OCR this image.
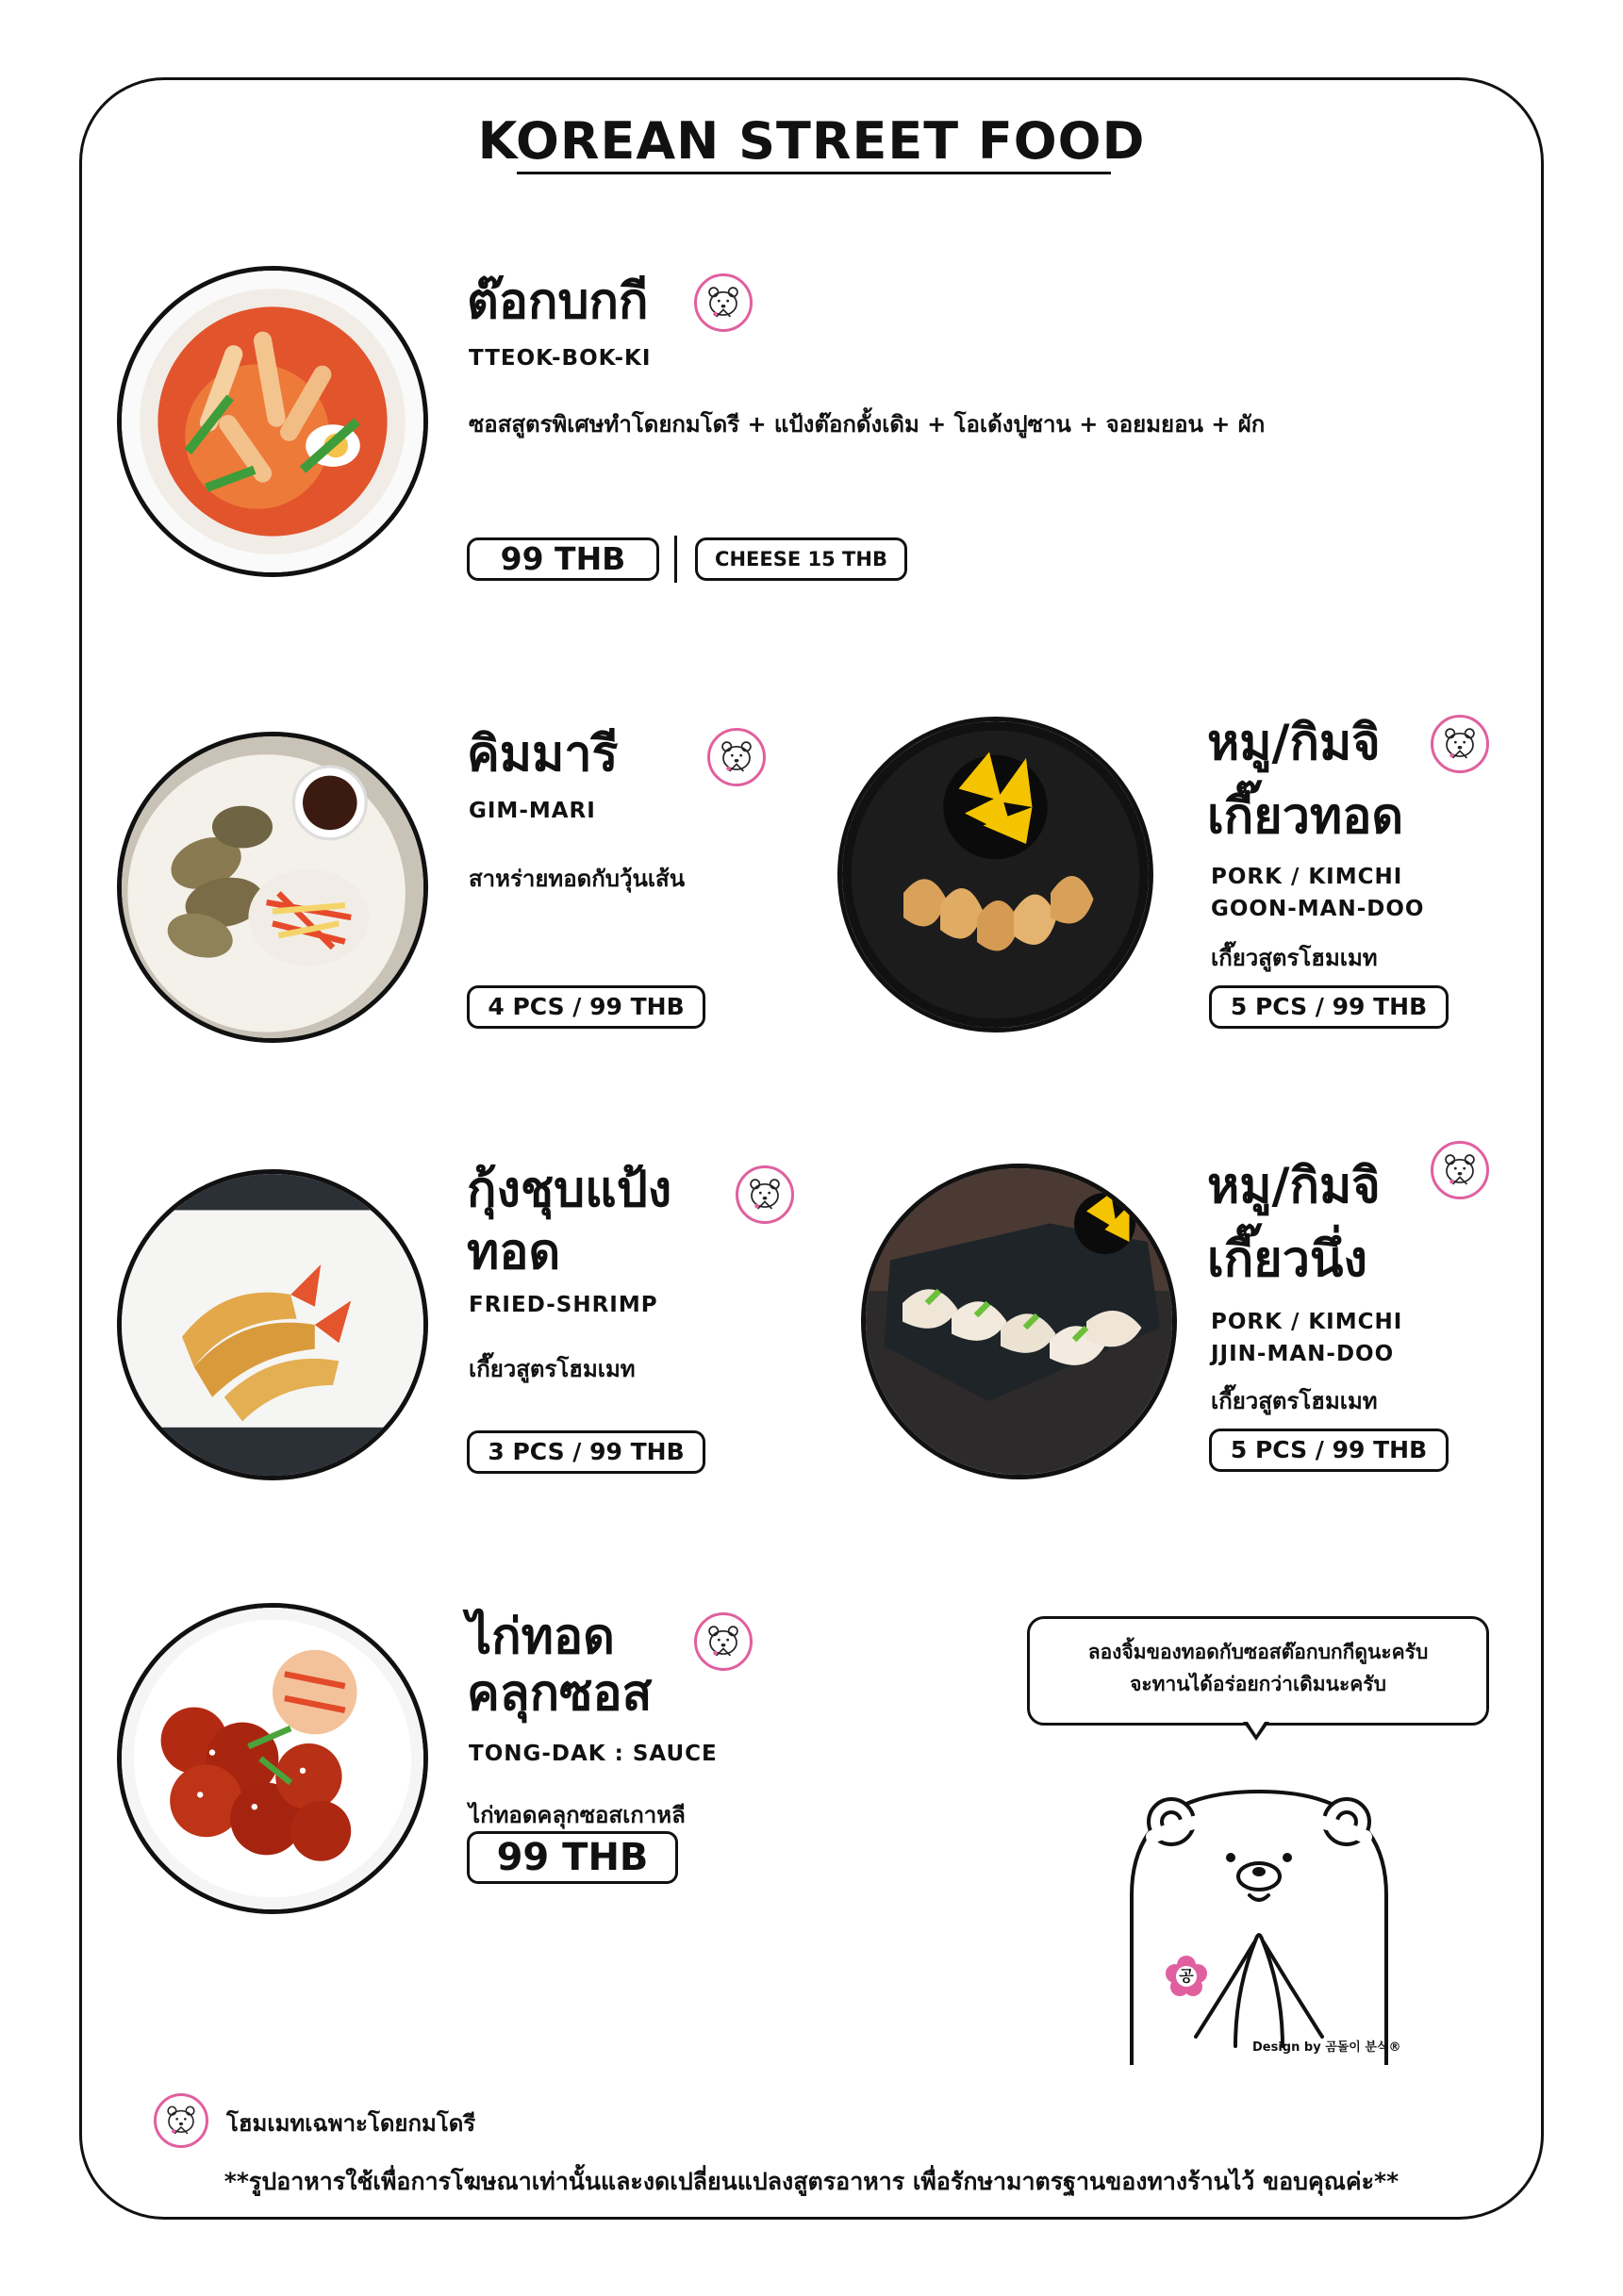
KOREAN STREET FOOD
ต๊อกบกกี
TTEOK-BOK-KI
ซอสสูตรพิเศษทำโดยกมโดรี + แป้งต๊อกดั้งเดิม + โอเด้งปูซาน + จอยมยอน + ผัก
99 THB	CHEESE 15 THB
คิมมารี
GIM-MARI
สาหร่ายทอดกับวุ้นเส้น
4 PCS / 99 THB
หมู/กิมจิ
เกี๊ยวทอด
PORK / KIMCHI
GOON-MAN-DOO
เกี๊ยวสูตรโฮมเมท
5 PCS / 99 THB
กุ้งชุบแป้ง
ทอด
FRIED-SHRIMP
เกี๊ยวสูตรโฮมเมท
3 PCS / 99 THB
หมู/กิมจิ
เกี๊ยวนึ่ง
PORK / KIMCHI
JJIN-MAN-DOO
เกี๊ยวสูตรโฮมเมท
5 PCS / 99 THB
ไก่ทอด
คลุกซอส
TONG-DAK : SAUCE
ไก่ทอดคลุกซอสเกาหลี
99 THB
ลองจิ้มของทอดกับซอสต๊อกบกกีดูนะครับ
จะทานได้อร่อยกว่าเดิมนะครับ
공
Design by 곰돌이 분식®
โฮมเมทเฉพาะโดยกมโดรี
**รูปอาหารใช้เพื่อการโฆษณาเท่านั้นและงดเปลี่ยนแปลงสูตรอาหาร เพื่อรักษามาตรฐานของทางร้านไว้ ขอบคุณค่ะ**
